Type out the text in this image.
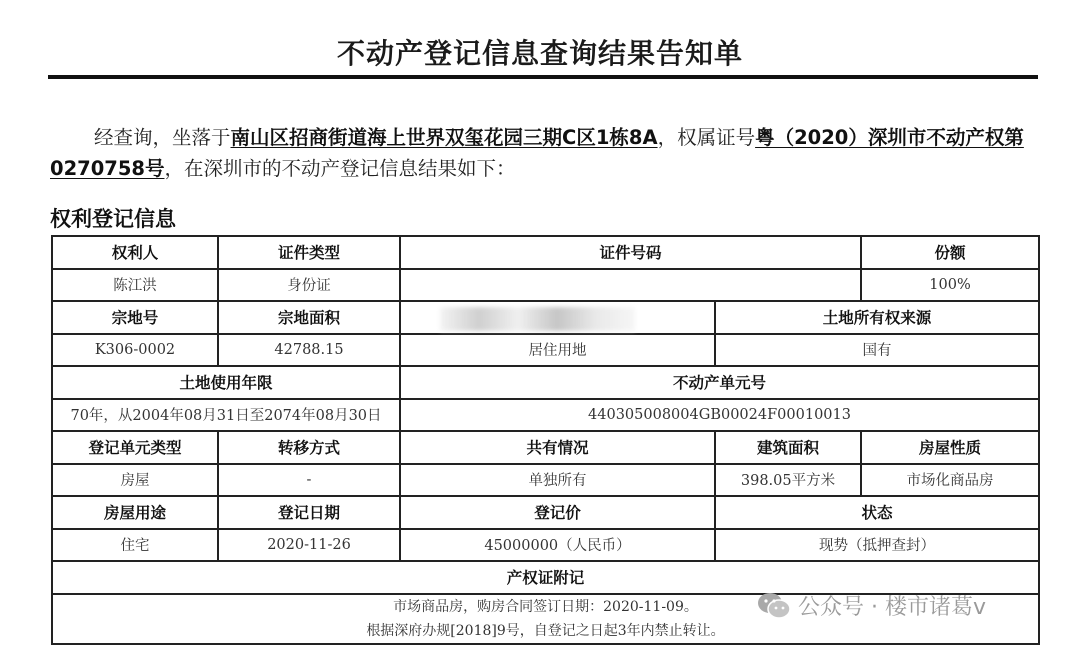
不动产登记信息查询结果告知单
经查询，坐落于南山区招商街道海上世界双玺花园三期C区1栋8A，权属证号粤（2020）深圳市不动产权第0270758号，在深圳市的不动产登记信息结果如下：
权利登记信息
权利人	证件类型	证件号码		份额
陈江洪	身份证			100%
宗地号	宗地面积		土地所有权来源	
K306-0002	42788.15	居住用地	国有	
土地使用年限		不动产单元号		
70年，从2004年08月31日至2074年08月30日		440305008004GB00024F00010013		
登记单元类型	转移方式	共有情况	建筑面积	房屋性质
房屋	-	单独所有	398.05平方米	市场化商品房
房屋用途	登记日期	登记价	状态	
住宅	2020-11-26	45000000（人民币）	现势（抵押查封）	
产权证附记				

市场商品房，购房合同签订日期：2020-11-09。
根据深府办规[2018]9号，自登记之日起3年内禁止转让。				
公众号 · 楼市诸葛v
